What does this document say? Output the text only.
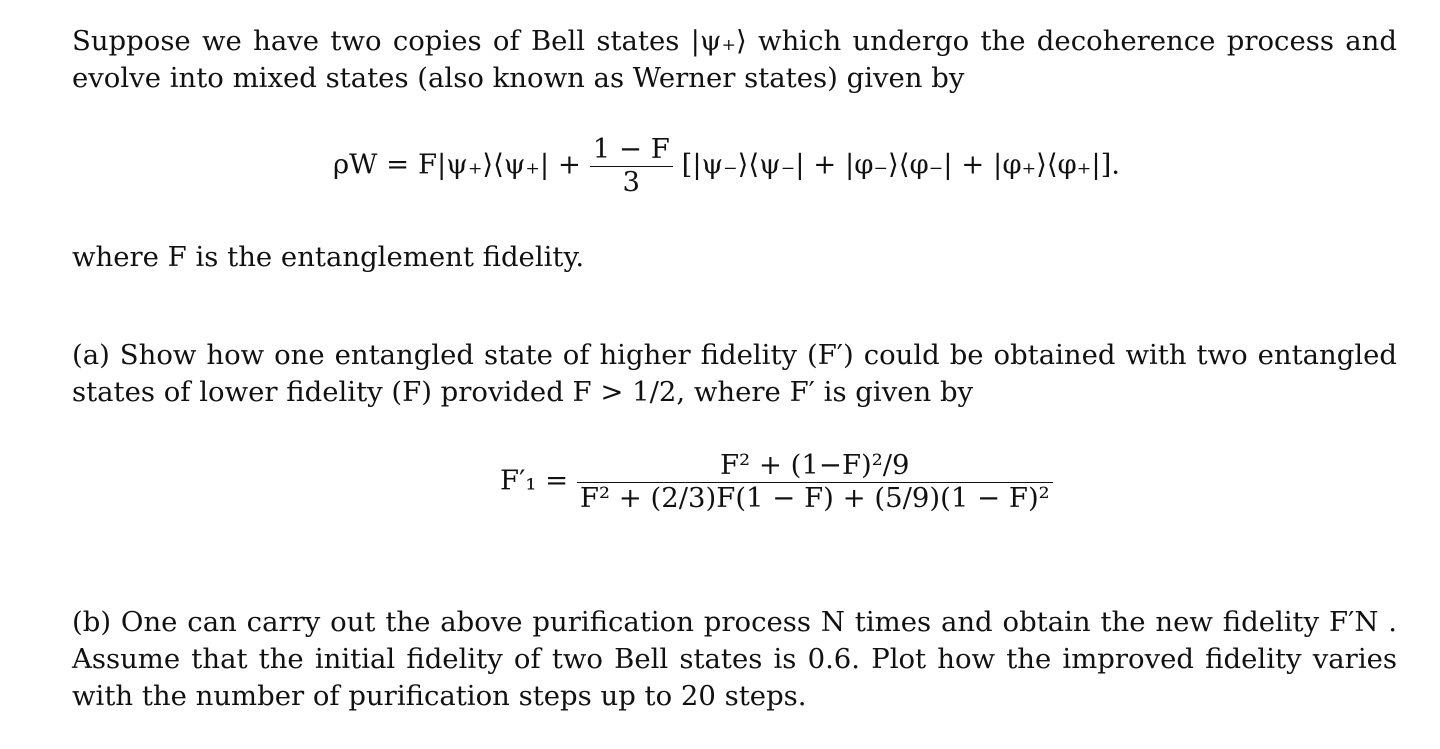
Suppose we have two copies of Bell states |ψ₊⟩ which undergo the decoherence process and evolve into mixed states (also known as Werner states) given by

ρW = F|ψ₊⟩⟨ψ₊| + $\frac{1 - F}{3}$ [|ψ₋⟩⟨ψ₋| + |φ₋⟩⟨φ₋| + |φ₊⟩⟨φ₊|].

where F is the entanglement fidelity.

(a) Show how one entangled state of higher fidelity (F′) could be obtained with two entangled states of lower fidelity (F) provided F > 1/2, where F′ is given by

$F'_1 = \frac{\text{F² + (1−F)²/9}}{\text{F² + (2/3)F(1 − F) + (5/9)(1 − F)²}}$

(b) One can carry out the above purification process N times and obtain the new fidelity F′N . Assume that the initial fidelity of two Bell states is 0.6. Plot how the improved fidelity varies with the number of purification steps up to 20 steps.
